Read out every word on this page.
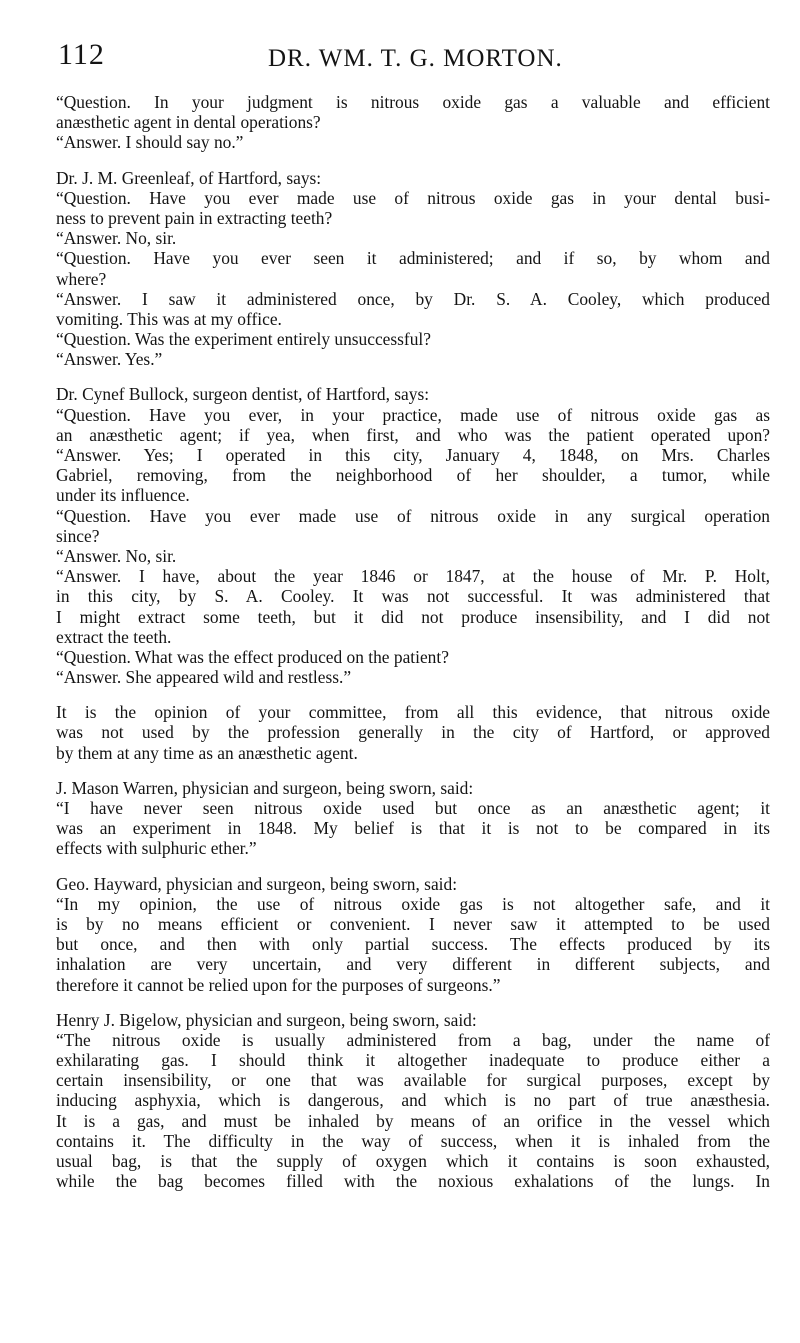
112	DR. WM. T. G. MORTON.
“Question. In your judgment is nitrous oxide gas a valuable and efficient
anæsthetic agent in dental operations?
“Answer. I should say no.”
Dr. J. M. Greenleaf, of Hartford, says:
“Question. Have you ever made use of nitrous oxide gas in your dental busi-
ness to prevent pain in extracting teeth?
“Answer. No, sir.
“Question. Have you ever seen it administered; and if so, by whom and
where?
“Answer. I saw it administered once, by Dr. S. A. Cooley, which produced
vomiting. This was at my office.
“Question. Was the experiment entirely unsuccessful?
“Answer. Yes.”
Dr. Cynef Bullock, surgeon dentist, of Hartford, says:
“Question. Have you ever, in your practice, made use of nitrous oxide gas as
an anæsthetic agent; if yea, when first, and who was the patient operated upon?
“Answer. Yes; I operated in this city, January 4, 1848, on Mrs. Charles
Gabriel, removing, from the neighborhood of her shoulder, a tumor, while
under its influence.
“Question. Have you ever made use of nitrous oxide in any surgical operation
since?
“Answer. No, sir.
“Answer. I have, about the year 1846 or 1847, at the house of Mr. P. Holt,
in this city, by S. A. Cooley. It was not successful. It was administered that
I might extract some teeth, but it did not produce insensibility, and I did not
extract the teeth.
“Question. What was the effect produced on the patient?
“Answer. She appeared wild and restless.”
It is the opinion of your committee, from all this evidence, that nitrous oxide
was not used by the profession generally in the city of Hartford, or approved
by them at any time as an anæsthetic agent.
J. Mason Warren, physician and surgeon, being sworn, said:
“I have never seen nitrous oxide used but once as an anæsthetic agent; it
was an experiment in 1848. My belief is that it is not to be compared in its
effects with sulphuric ether.”
Geo. Hayward, physician and surgeon, being sworn, said:
“In my opinion, the use of nitrous oxide gas is not altogether safe, and it
is by no means efficient or convenient. I never saw it attempted to be used
but once, and then with only partial success. The effects produced by its
inhalation are very uncertain, and very different in different subjects, and
therefore it cannot be relied upon for the purposes of surgeons.”
Henry J. Bigelow, physician and surgeon, being sworn, said:
“The nitrous oxide is usually administered from a bag, under the name of
exhilarating gas. I should think it altogether inadequate to produce either a
certain insensibility, or one that was available for surgical purposes, except by
inducing asphyxia, which is dangerous, and which is no part of true anæsthesia.
It is a gas, and must be inhaled by means of an orifice in the vessel which
contains it. The difficulty in the way of success, when it is inhaled from the
usual bag, is that the supply of oxygen which it contains is soon exhausted,
while the bag becomes filled with the noxious exhalations of the lungs. In
